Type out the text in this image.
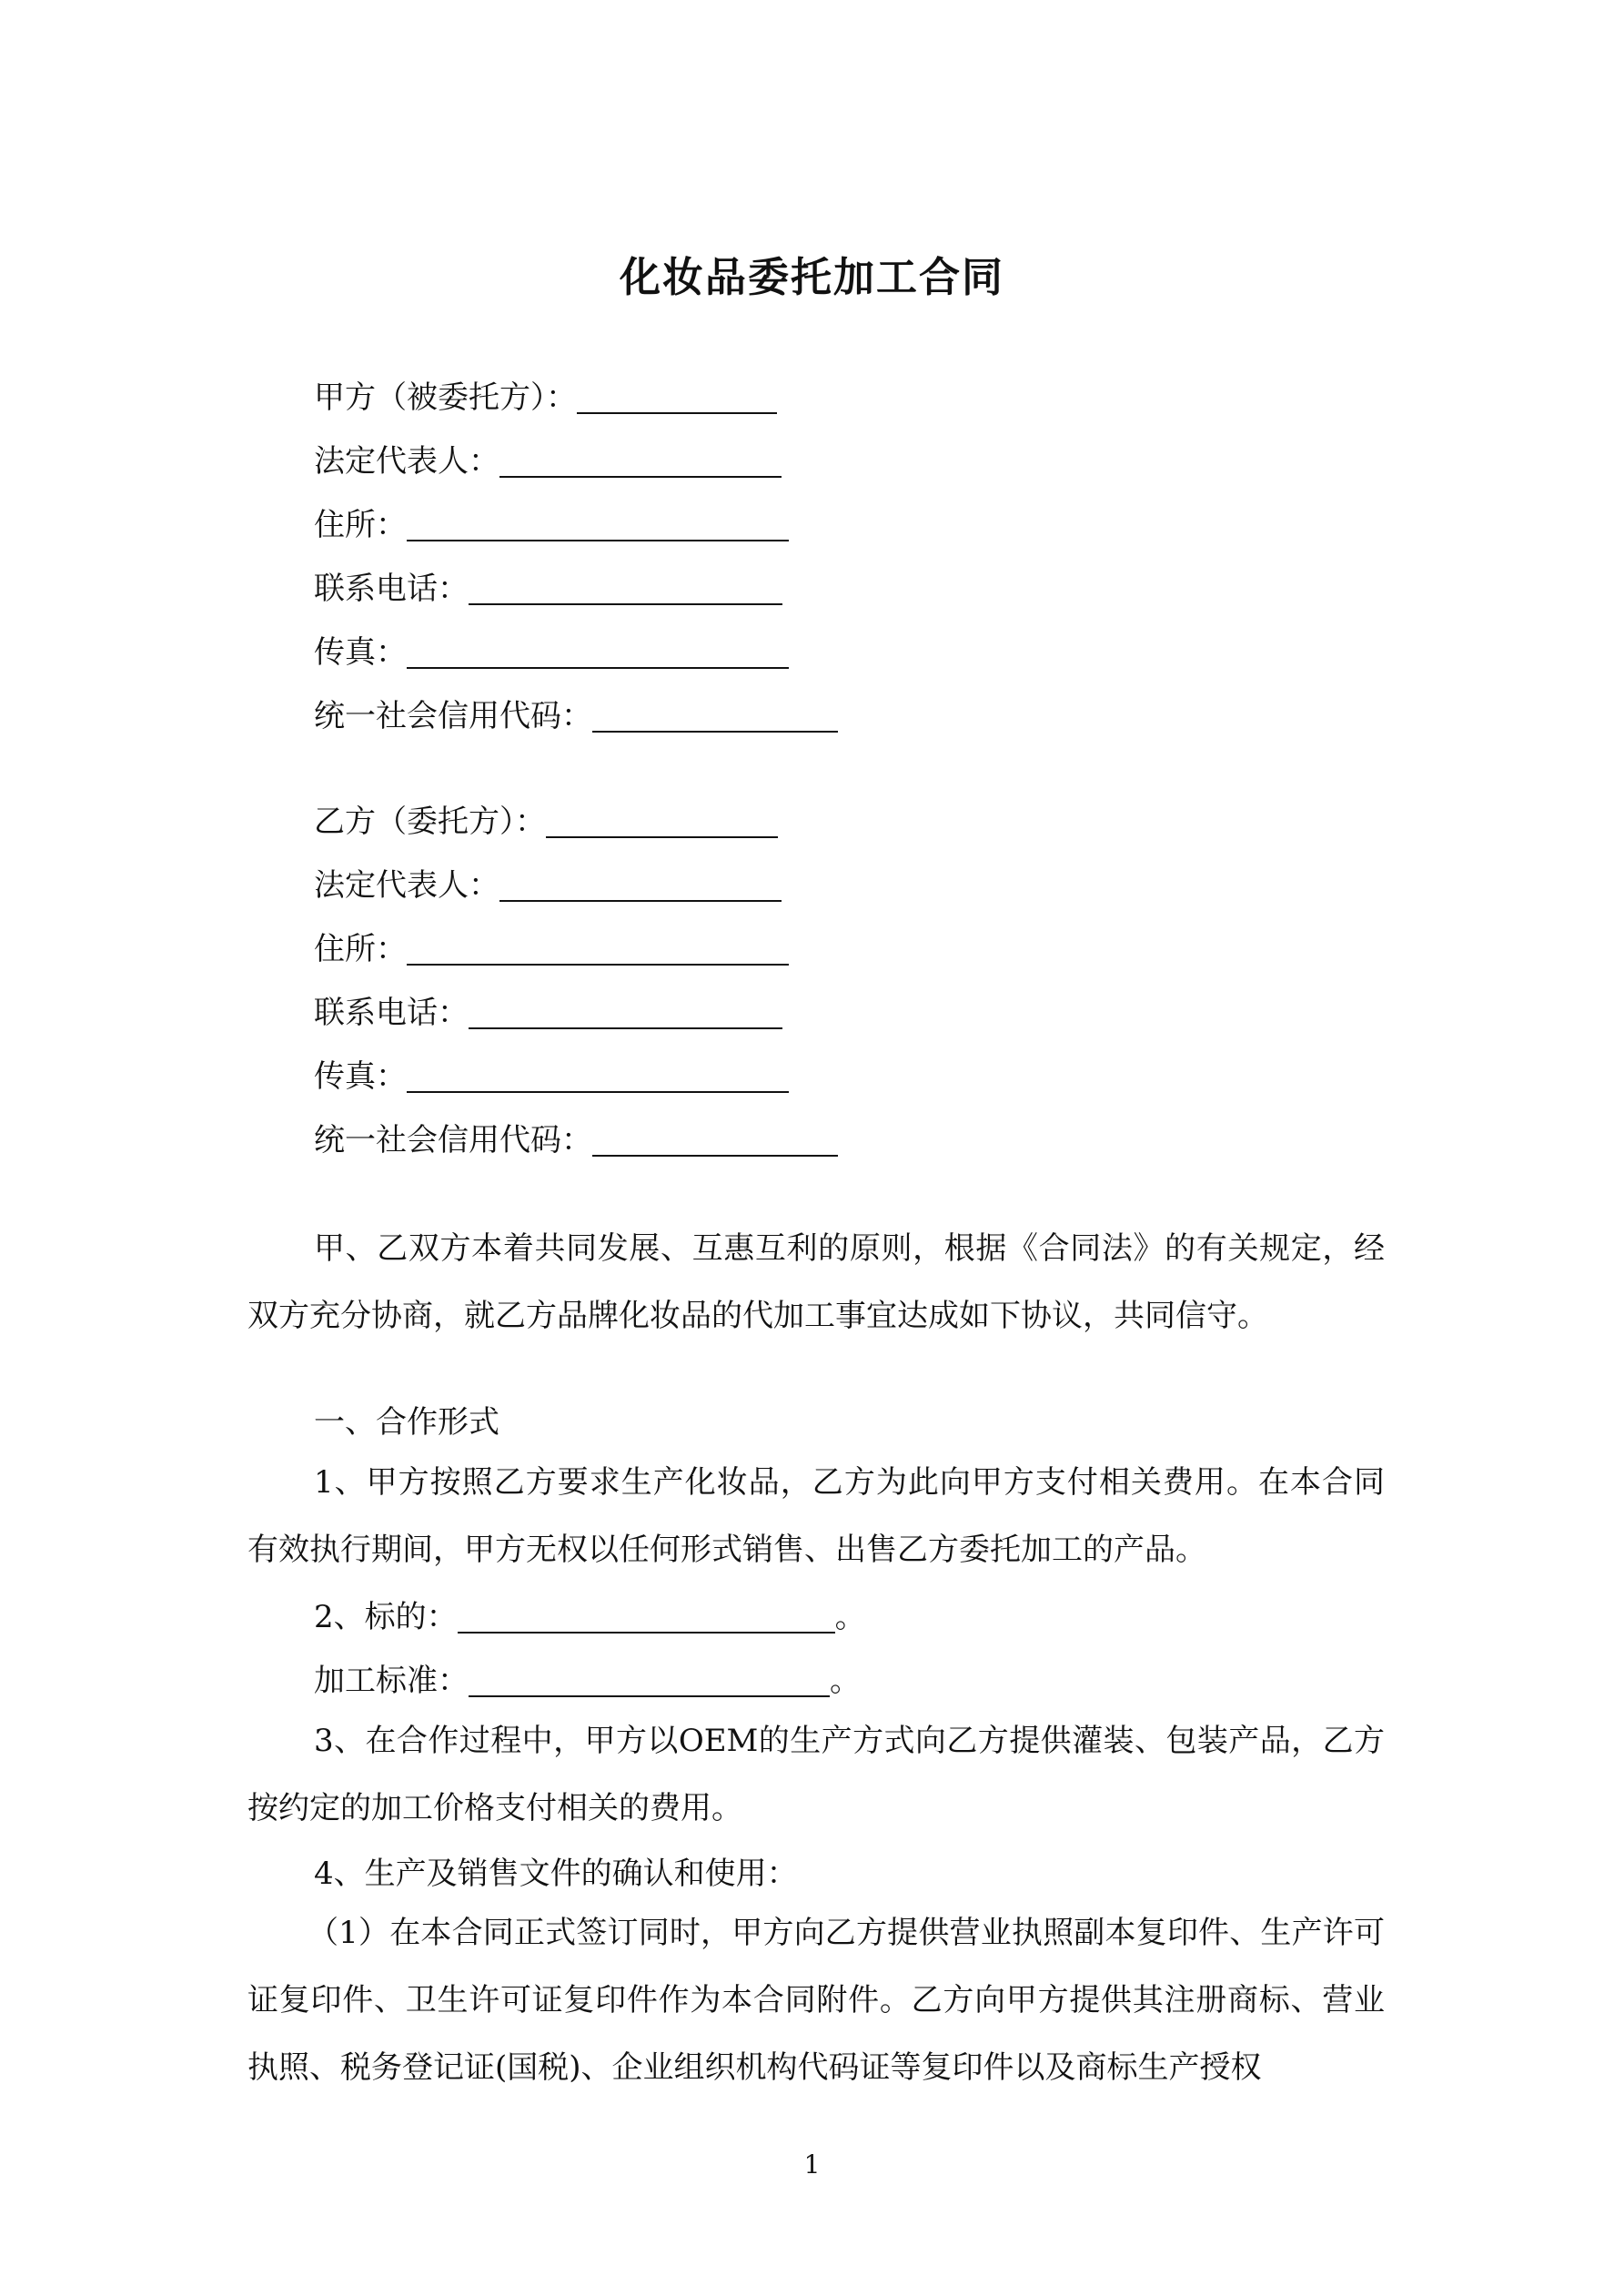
化妆品委托加工合同
甲方（被委托方）：
法定代表人：
住所：
联系电话：
传真：
统一社会信用代码：
乙方（委托方）：
法定代表人：
住所：
联系电话：
传真：
统一社会信用代码：
甲、乙双方本着共同发展、互惠互利的原则，根据《合同法》的有关规定，经双方充分协商，就乙方品牌化妆品的代加工事宜达成如下协议，共同信守。
一、合作形式
1、甲方按照乙方要求生产化妆品，乙方为此向甲方支付相关费用。在本合同有效执行期间，甲方无权以任何形式销售、出售乙方委托加工的产品。
2、标的：	。
加工标准：	。
3、在合作过程中，甲方以OEM的生产方式向乙方提供灌装、包装产品，乙方按约定的加工价格支付相关的费用。
4、生产及销售文件的确认和使用：
（1）在本合同正式签订同时，甲方向乙方提供营业执照副本复印件、生产许可证复印件、卫生许可证复印件作为本合同附件。乙方向甲方提供其注册商标、营业执照、税务登记证(国税)、企业组织机构代码证等复印件以及商标生产授权
1
